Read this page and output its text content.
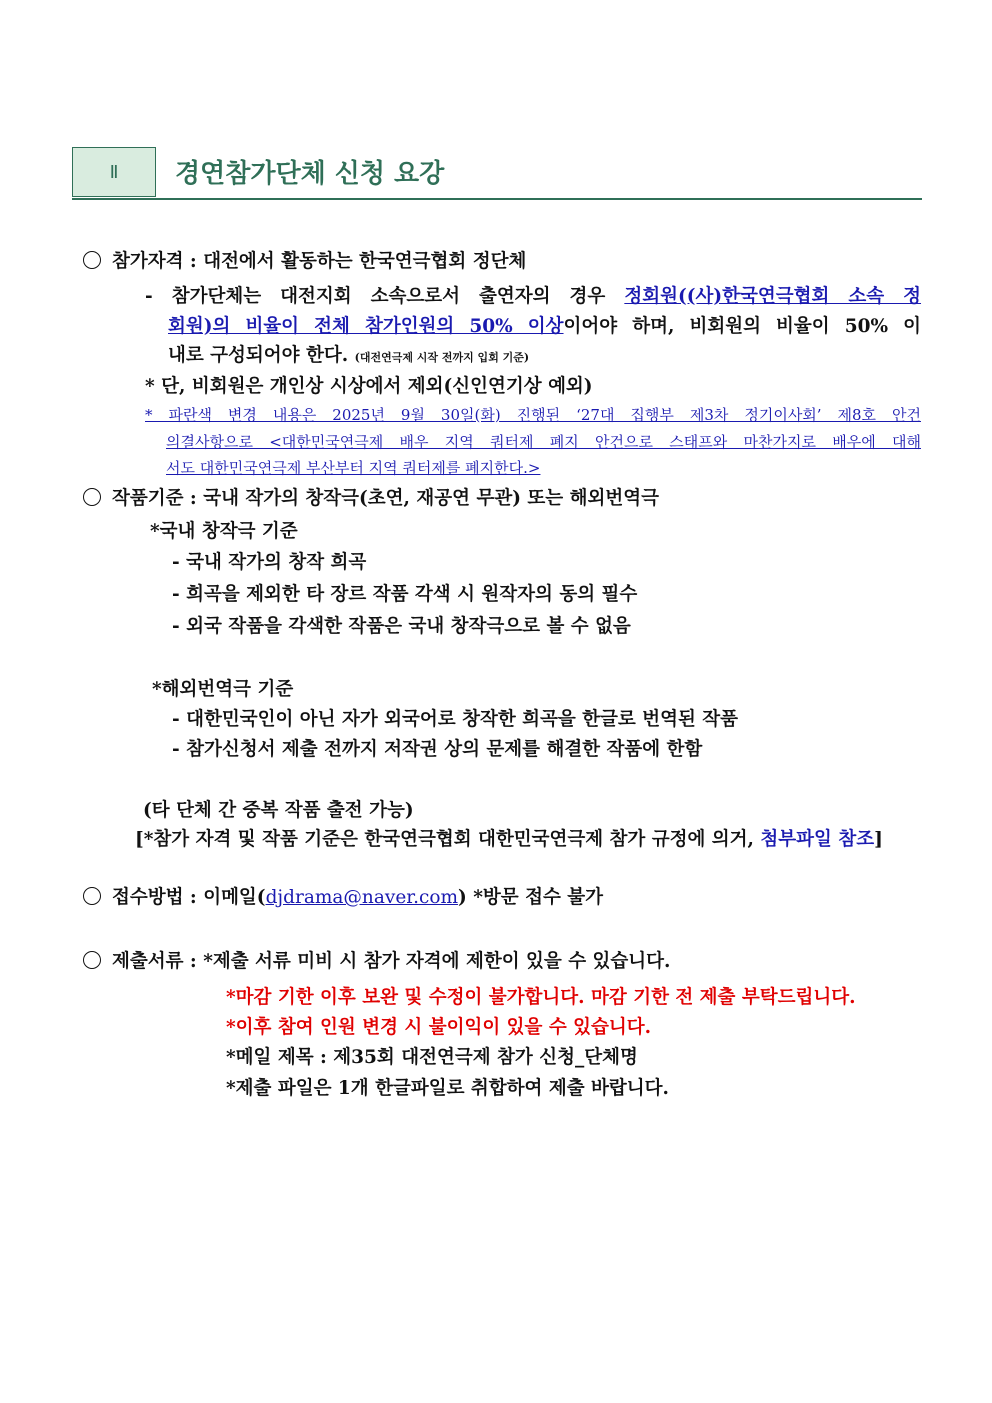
Ⅱ 경연참가단체 신청 요강
참가자격 : 대전에서 활동하는 한국연극협회 정단체
- 참가단체는 대전지회 소속으로서 출연자의 경우 정회원((사)한국연극협회 소속 정
회원)의 비율이 전체 참가인원의 50% 이상이어야 하며, 비회원의 비율이 50% 이
내로 구성되어야 한다. (대전연극제 시작 전까지 입회 기준)
* 단, 비회원은 개인상 시상에서 제외(신인연기상 예외)
* 파란색 변경 내용은 2025년 9월 30일(화) 진행된 ‘27대 집행부 제3차 정기이사회’ 제8호 안건
의결사항으로 <대한민국연극제 배우 지역 쿼터제 폐지 안건으로 스태프와 마찬가지로 배우에 대해
서도 대한민국연극제 부산부터 지역 쿼터제를 폐지한다.>
작품기준 : 국내 작가의 창작극(초연, 재공연 무관) 또는 해외번역극
*국내 창작극 기준
- 국내 작가의 창작 희곡
- 희곡을 제외한 타 장르 작품 각색 시 원작자의 동의 필수
- 외국 작품을 각색한 작품은 국내 창작극으로 볼 수 없음
*해외번역극 기준
- 대한민국인이 아닌 자가 외국어로 창작한 희곡을 한글로 번역된 작품
- 참가신청서 제출 전까지 저작권 상의 문제를 해결한 작품에 한함
(타 단체 간 중복 작품 출전 가능)
[*참가 자격 및 작품 기준은 한국연극협회 대한민국연극제 참가 규정에 의거, 첨부파일 참조]
접수방법 : 이메일(djdrama@naver.com) *방문 접수 불가
제출서류 : *제출 서류 미비 시 참가 자격에 제한이 있을 수 있습니다.
*마감 기한 이후 보완 및 수정이 불가합니다. 마감 기한 전 제출 부탁드립니다.
*이후 참여 인원 변경 시 불이익이 있을 수 있습니다.
*메일 제목 : 제35회 대전연극제 참가 신청_단체명
*제출 파일은 1개 한글파일로 취합하여 제출 바랍니다.
